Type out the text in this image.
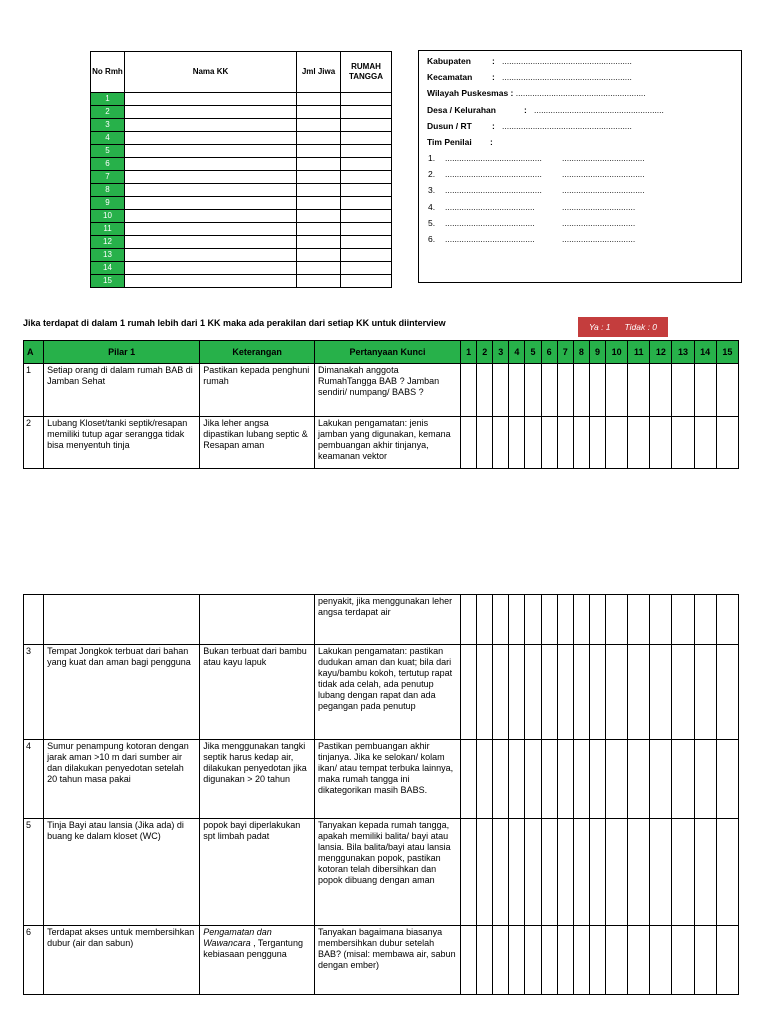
No Rmh	Nama KK	Jml Jiwa	RUMAH TANGGA
1			
2			
3			
4			
5			
6			
7			
8			
9			
10			
11			
12			
13			
14			
15			
Kabupaten : .......................................................
Kecamatan : .......................................................
Wilayah Puskesmas : .......................................................
Desa / Kelurahan	: .......................................................
Dusun / RT : .......................................................
Tim Penilai :
1. ......................................... ...................................
2. ......................................... ...................................
3. ......................................... ...................................
4. ......................................	...............................
5. ......................................	...............................
6. ......................................	...............................
Jika terdapat di dalam 1 rumah lebih dari 1 KK maka ada perakilan dari setiap KK untuk diinterview	Ya : 1 Tidak : 0
A	Pilar 1	Keterangan	Pertanyaan Kunci	1	2	3	4	5	6	7	8	9	10	11	12	13	14	15
1	Setiap orang di dalam rumah BAB di Jamban Sehat	Pastikan kepada penghuni rumah	Dimanakah anggota RumahTangga BAB ? Jamban sendiri/ numpang/ BABS ?															
2	Lubang Kloset/tanki septik/resapan memiliki tutup agar serangga tidak bisa menyentuh tinja	Jika leher angsa dipastikan lubang septic & Resapan aman	Lakukan pengamatan: jenis jamban yang digunakan, kemana pembuangan akhir tinjanya, keamanan vektor															
			penyakit, jika menggunakan leher angsa terdapat air															
3	Tempat Jongkok terbuat dari bahan yang kuat dan aman bagi pengguna	Bukan terbuat dari bambu atau kayu lapuk	Lakukan pengamatan: pastikan dudukan aman dan kuat; bila dari kayu/bambu kokoh, tertutup rapat tidak ada celah, ada penutup lubang dengan rapat dan ada pegangan pada penutup															
4	Sumur penampung kotoran dengan jarak aman >10 m dari sumber air dan dilakukan penyedotan setelah 20 tahun masa pakai	Jika menggunakan tangki septik harus kedap air, dilakukan penyedotan jika digunakan > 20 tahun	Pastikan pembuangan akhir tinjanya. Jika ke selokan/ kolam ikan/ atau tempat terbuka lainnya, maka rumah tangga ini dikategorikan masih BABS.															
5	Tinja Bayi atau lansia (Jika ada) di buang ke dalam kloset (WC)	popok bayi diperlakukan spt limbah padat	Tanyakan kepada rumah tangga, apakah memiliki balita/ bayi atau lansia. Bila balita/bayi atau lansia menggunakan popok, pastikan kotoran telah dibersihkan dan popok dibuang dengan aman															
6	Terdapat akses untuk membersihkan dubur (air dan sabun)	Pengamatan dan Wawancara , Tergantung kebiasaan pengguna	Tanyakan bagaimana biasanya membersihkan dubur setelah BAB? (misal: membawa air, sabun dengan ember)															
